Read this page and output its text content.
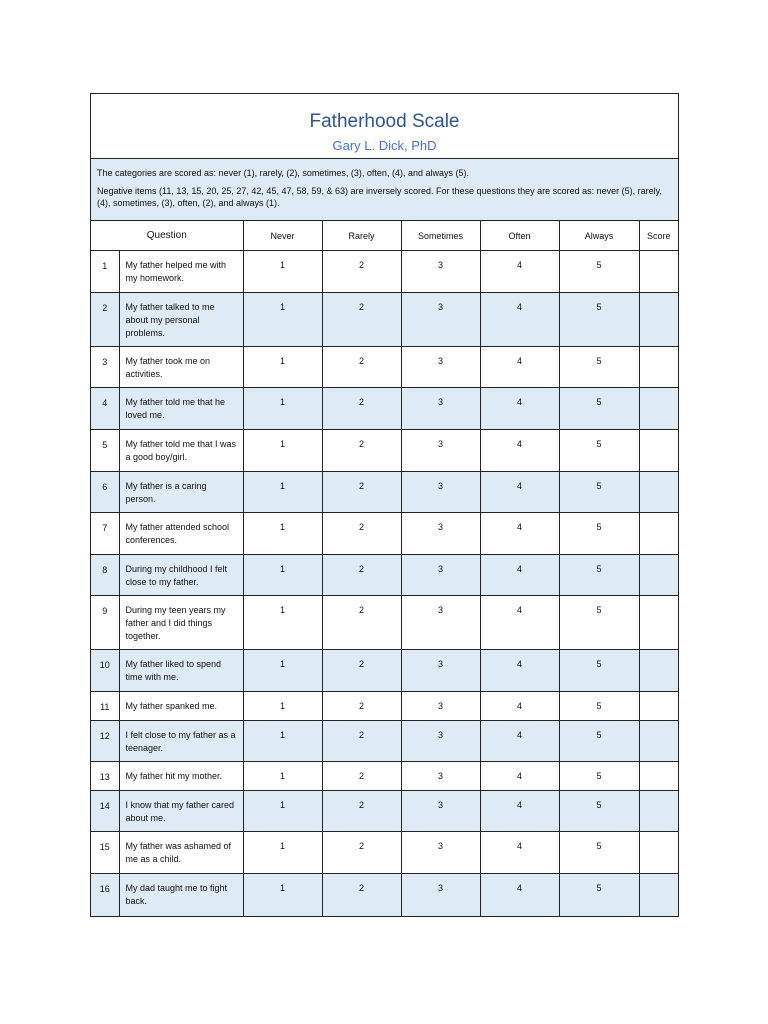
Fatherhood Scale
Gary L. Dick, PhD

The categories are scored as: never (1), rarely, (2), sometimes, (3), often, (4), and always (5).

Negative items (11, 13, 15, 20, 25, 27, 42, 45, 47, 58, 59, & 63) are inversely scored. For these questions they are scored as: never (5), rarely, (4), sometimes, (3), often, (2), and always (1).

Question		Never	Rarely	Sometimes	Often	Always	Score
1	My father helped me with my homework.	1	2	3	4	5	
2	My father talked to me about my personal problems.	1	2	3	4	5	
3	My father took me on activities.	1	2	3	4	5	
4	My father told me that he loved me.	1	2	3	4	5	
5	My father told me that I was a good boy/girl.	1	2	3	4	5	
6	My father is a caring person.	1	2	3	4	5	
7	My father attended school conferences.	1	2	3	4	5	
8	During my childhood I felt close to my father.	1	2	3	4	5	
9	During my teen years my father and I did things together.	1	2	3	4	5	
10	My father liked to spend time with me.	1	2	3	4	5	
11	My father spanked me.	1	2	3	4	5	
12	I felt close to my father as a teenager.	1	2	3	4	5	
13	My father hit my mother.	1	2	3	4	5	
14	I know that my father cared about me.	1	2	3	4	5	
15	My father was ashamed of me as a child.	1	2	3	4	5	
16	My dad taught me to fight back.	1	2	3	4	5	
